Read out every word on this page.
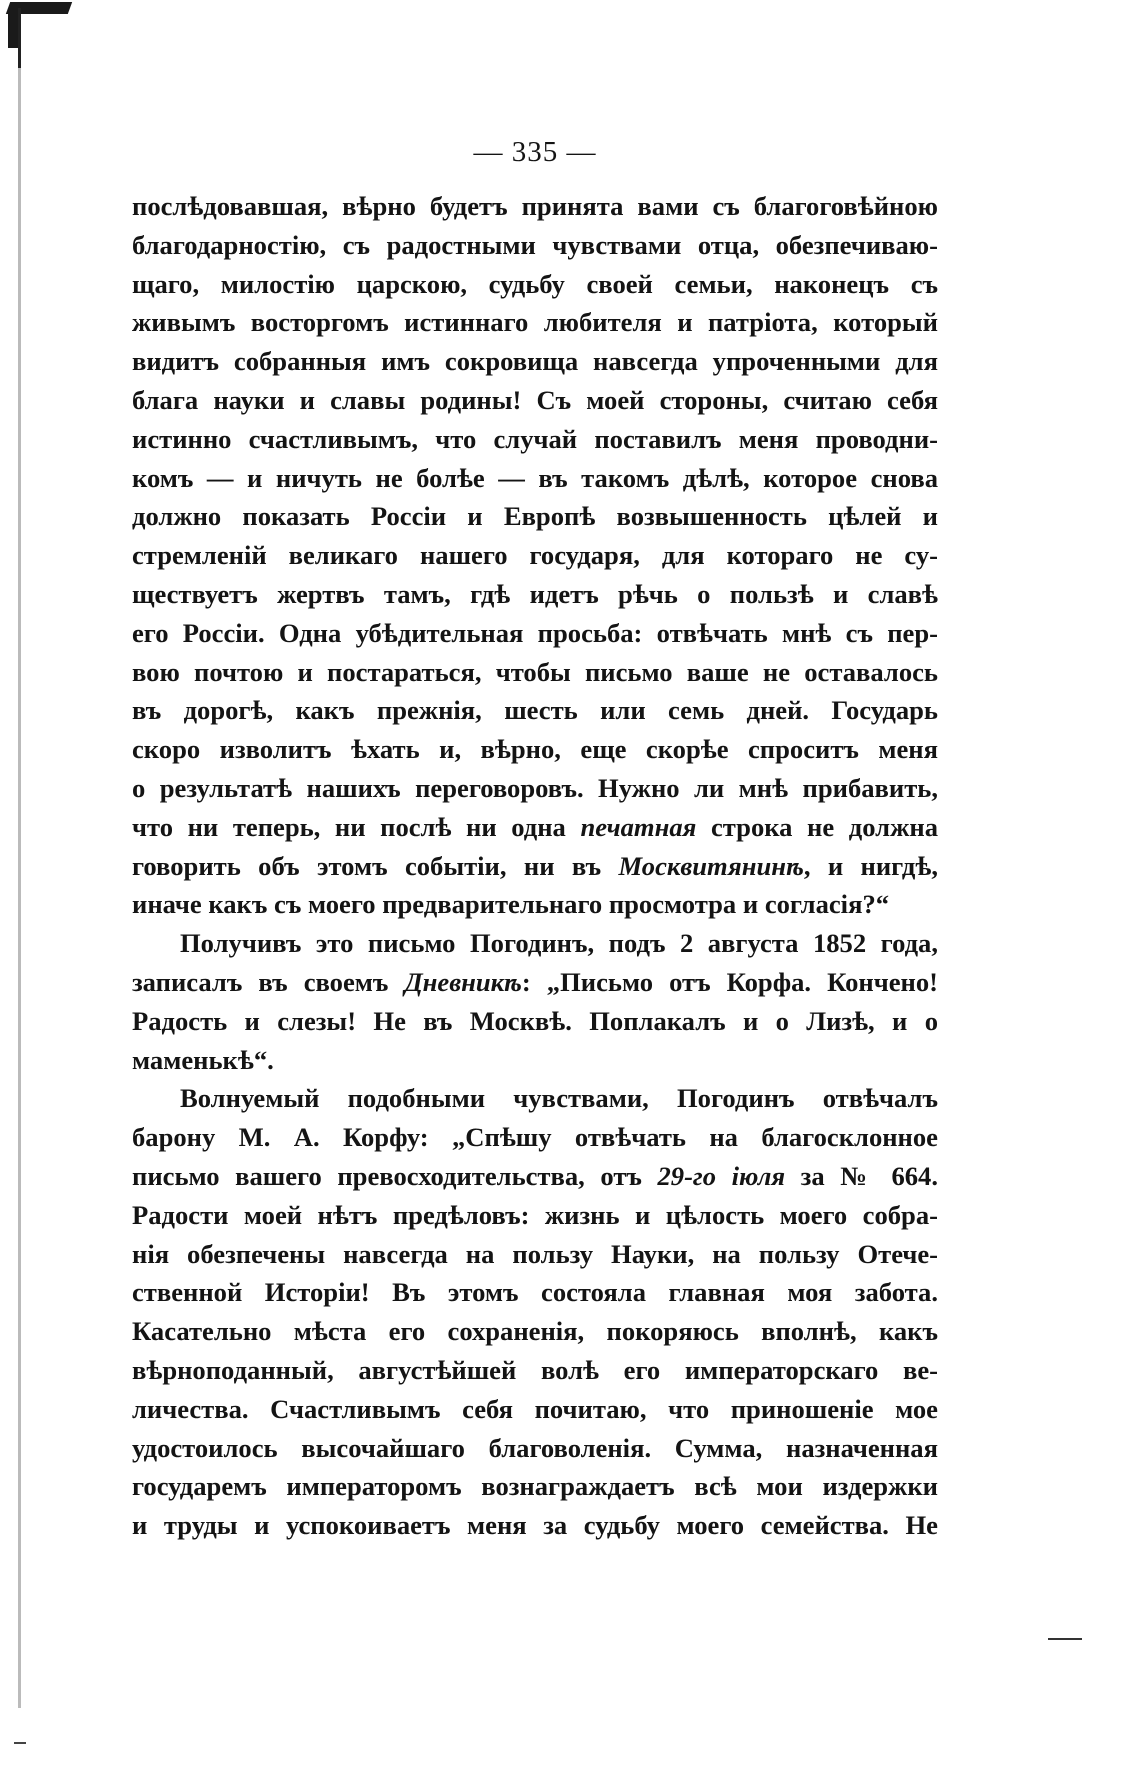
— 335 —

послѣдовавшая, вѣрно будетъ принята вами съ благоговѣйною
благодарностію, съ радостными чувствами отца, обезпечиваю-
щаго, милостію царскою, судьбу своей семьи, наконецъ съ
живымъ восторгомъ истиннаго любителя и патріота, который
видитъ собранныя имъ сокровища навсегда упроченными для
блага науки и славы родины! Съ моей стороны, считаю себя
истинно счастливымъ, что случай поставилъ меня проводни-
комъ — и ничуть не болѣе — въ такомъ дѣлѣ, которое снова
должно показать Россіи и Европѣ возвышенность цѣлей и
стремленій великаго нашего государя, для котораго не су-
ществуетъ жертвъ тамъ, гдѣ идетъ рѣчь о пользѣ и славѣ
его Россіи. Одна убѣдительная просьба: отвѣчать мнѣ съ пер-
вою почтою и постараться, чтобы письмо ваше не оставалось
въ дорогѣ, какъ прежнія, шесть или семь дней. Государь
скоро изволитъ ѣхать и, вѣрно, еще скорѣе спроситъ меня
о результатѣ нашихъ переговоровъ. Нужно ли мнѣ прибавить,
что ни теперь, ни послѣ ни одна печатная строка не должна
говорить объ этомъ событіи, ни въ Москвитянинѣ, и нигдѣ,
иначе какъ съ моего предварительнаго просмотра и согласія?“

Получивъ это письмо Погодинъ, подъ 2 августа 1852 года,
записалъ въ своемъ Дневникѣ: „Письмо отъ Корфа. Кончено!
Радость и слезы! Не въ Москвѣ. Поплакалъ и о Лизѣ, и о
маменькѣ“.

Волнуемый подобными чувствами, Погодинъ отвѣчалъ
барону М. А. Корфу: „Спѣшу отвѣчать на благосклонное
письмо вашего превосходительства, отъ 29-го іюля за № 664.
Радости моей нѣтъ предѣловъ: жизнь и цѣлость моего собра-
нія обезпечены навсегда на пользу Науки, на пользу Отече-
ственной Исторіи! Въ этомъ состояла главная моя забота.
Касательно мѣста его сохраненія, покоряюсь вполнѣ, какъ
вѣрноподанный, августѣйшей волѣ его императорскаго ве-
личества. Счастливымъ себя почитаю, что приношеніе мое
удостоилось высочайшаго благоволенія. Сумма, назначенная
государемъ императоромъ вознаграждаетъ всѣ мои издержки
и труды и успокоиваетъ меня за судьбу моего семейства. Не
